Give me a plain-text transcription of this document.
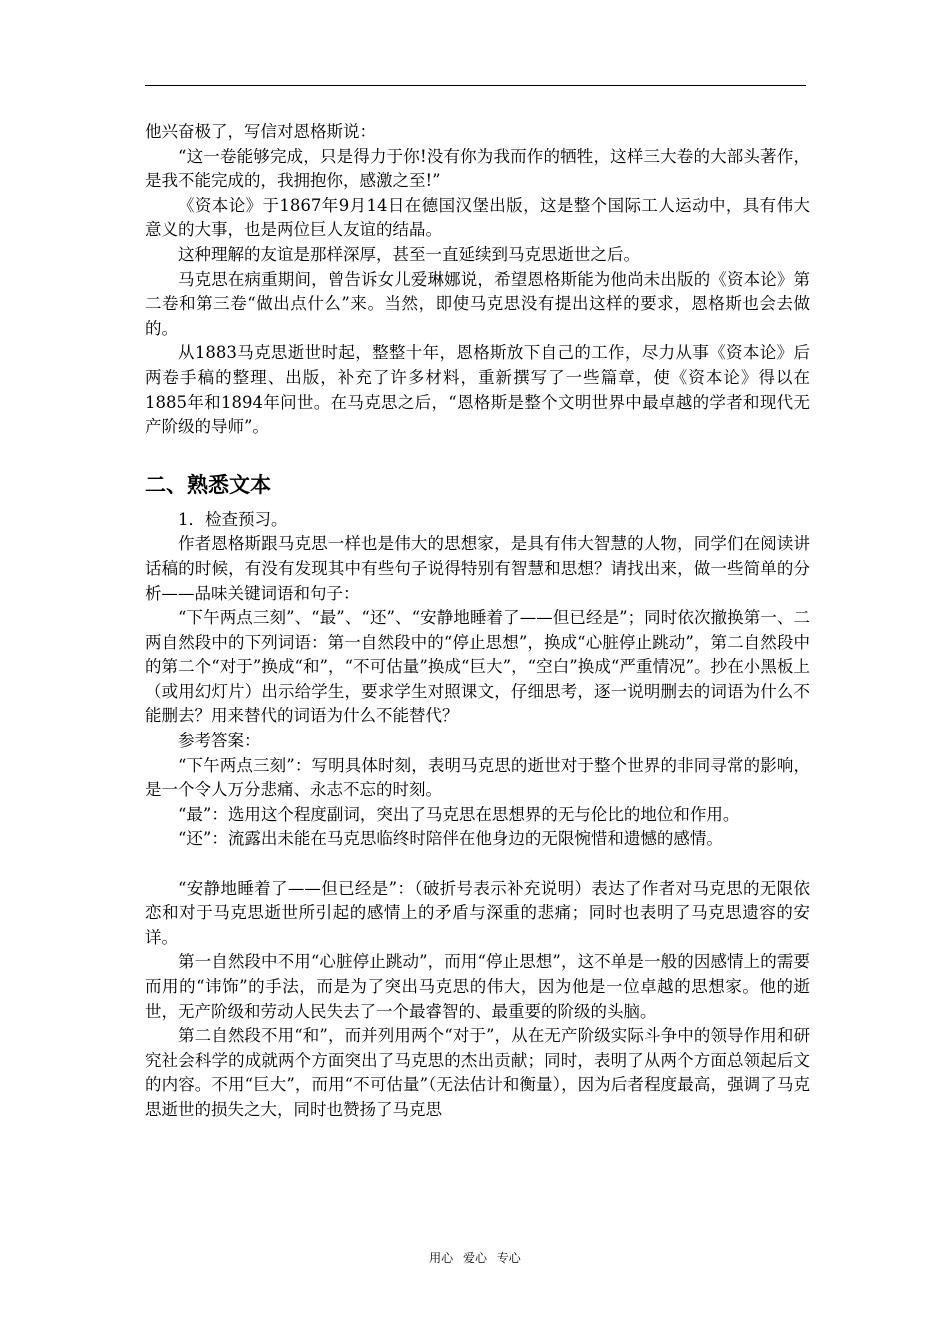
他兴奋极了，写信对恩格斯说：

“这一卷能够完成，只是得力于你!没有你为我而作的牺牲，这样三大卷的大部头著作，是我不能完成的，我拥抱你，感激之至!”

《资本论》于1867年9月14日在德国汉堡出版，这是整个国际工人运动中，具有伟大意义的大事，也是两位巨人友谊的结晶。

这种理解的友谊是那样深厚，甚至一直延续到马克思逝世之后。

马克思在病重期间，曾告诉女儿爱琳娜说，希望恩格斯能为他尚未出版的《资本论》第二卷和第三卷“做出点什么”来。当然，即使马克思没有提出这样的要求，恩格斯也会去做的。

从1883马克思逝世时起，整整十年，恩格斯放下自己的工作，尽力从事《资本论》后两卷手稿的整理、出版，补充了许多材料，重新撰写了一些篇章，使《资本论》得以在1885年和1894年问世。在马克思之后，“恩格斯是整个文明世界中最卓越的学者和现代无产阶级的导师”。

二、熟悉文本

1．检查预习。

作者恩格斯跟马克思一样也是伟大的思想家，是具有伟大智慧的人物，同学们在阅读讲话稿的时候，有没有发现其中有些句子说得特别有智慧和思想？请找出来，做一些简单的分析——品味关键词语和句子：

“下午两点三刻”、“最”、“还”、“安静地睡着了——但已经是”；同时依次撤换第一、二两自然段中的下列词语：第一自然段中的“停止思想”，换成“心脏停止跳动”，第二自然段中的第二个“对于”换成“和”，“不可估量”换成“巨大”，“空白”换成“严重情况”。抄在小黑板上（或用幻灯片）出示给学生，要求学生对照课文，仔细思考，逐一说明删去的词语为什么不能删去？用来替代的词语为什么不能替代？

参考答案：

“下午两点三刻”：写明具体时刻，表明马克思的逝世对于整个世界的非同寻常的影响，是一个令人万分悲痛、永志不忘的时刻。

“最”：选用这个程度副词，突出了马克思在思想界的无与伦比的地位和作用。

“还”：流露出未能在马克思临终时陪伴在他身边的无限惋惜和遗憾的感情。

“安静地睡着了——但已经是”：（破折号表示补充说明）表达了作者对马克思的无限依恋和对于马克思逝世所引起的感情上的矛盾与深重的悲痛；同时也表明了马克思遗容的安详。

第一自然段中不用“心脏停止跳动”，而用“停止思想”，这不单是一般的因感情上的需要而用的“讳饰”的手法，而是为了突出马克思的伟大，因为他是一位卓越的思想家。他的逝世，无产阶级和劳动人民失去了一个最睿智的、最重要的阶级的头脑。

第二自然段不用“和”，而并列用两个“对于”，从在无产阶级实际斗争中的领导作用和研究社会科学的成就两个方面突出了马克思的杰出贡献；同时，表明了从两个方面总领起后文的内容。不用“巨大”，而用“不可估量”（无法估计和衡量），因为后者程度最高，强调了马克思逝世的损失之大，同时也赞扬了马克思

用心 爱心 专心
